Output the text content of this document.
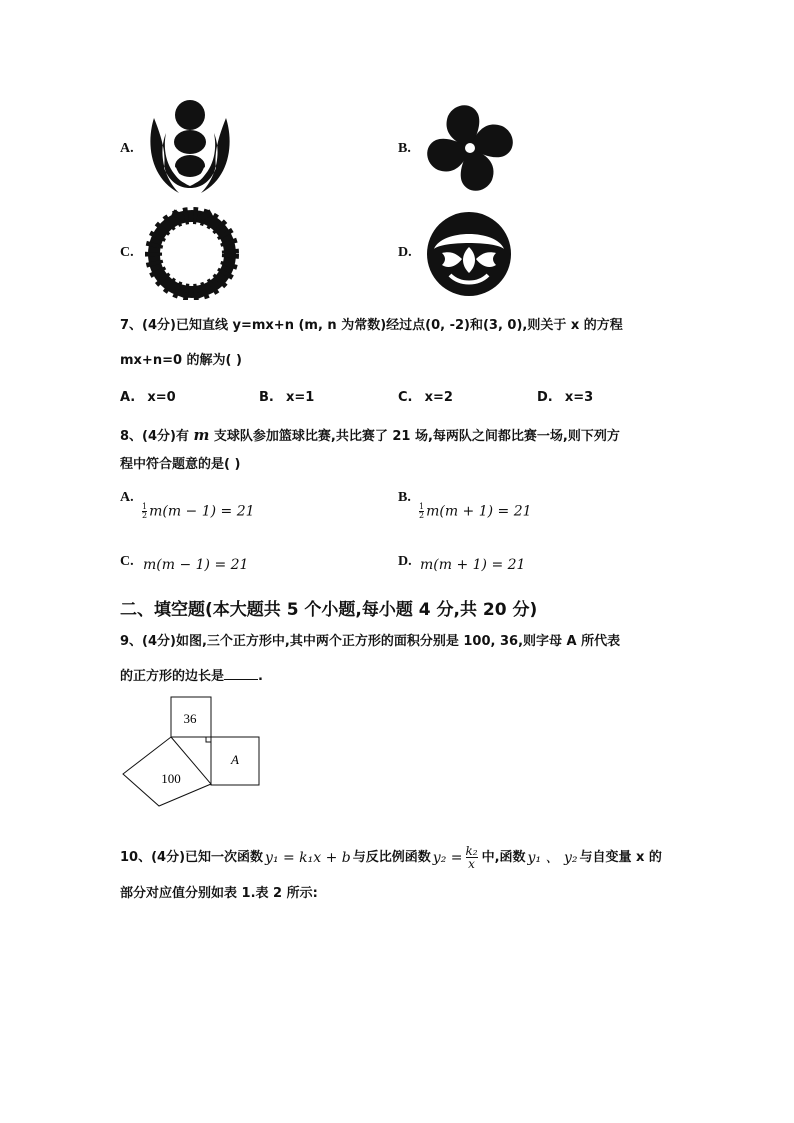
A.	B.
C.	D.
7、(4分)已知直线 y=mx+n (m, n 为常数)经过点(0, -2)和(3, 0),则关于 x 的方程
mx+n=0 的解为( )
A. x=0	B. x=1	C. x=2	D. x=3
8、(4分)有 m 支球队参加篮球比赛,共比赛了 21 场,每两队之间都比赛一场,则下列方
程中符合题意的是( )
A.
$\frac{1}{2} m(m - 1) = 21$
B.
$\frac{1}{2} m(m + 1) = 21$
C. m(m − 1) = 21	D. m(m + 1) = 21
二、填空题(本大题共 5 个小题,每小题 4 分,共 20 分)
9、(4分)如图,三个正方形中,其中两个正方形的面积分别是 100, 36,则字母 A 所代表
的正方形的边长是	.
36
100
A
10、(4分)已知一次函数 y₁ = k₁x + b 与反比例函数 $y_2 = \frac{\text{k₂}}{x}$ 中,函数 y₁ 、 y₂ 与自变量 x 的
部分对应值分别如表 1.表 2 所示:
